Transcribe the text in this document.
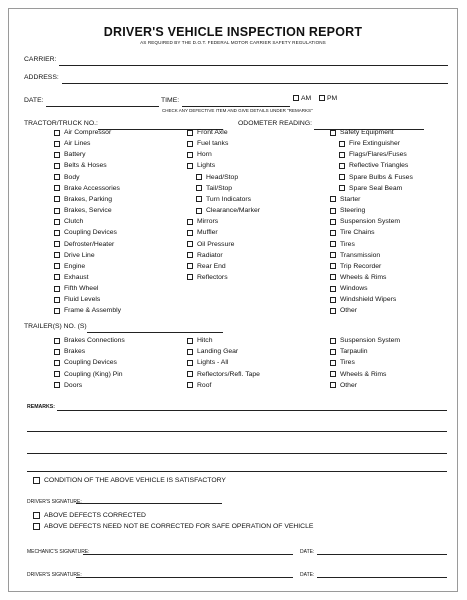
DRIVER'S VEHICLE INSPECTION REPORT
AS REQUIRED BY THE D.O.T. FEDERAL MOTOR CARRIER SAFETY REGULATIONS
CARRIER:
ADDRESS:
DATE:	TIME:	AM	PM
CHECK ANY DEFECTIVE ITEM AND GIVE DETAILS UNDER "REMARKS"
TRACTOR/TRUCK NO.:	ODOMETER READING:
Air Compressor
Air Lines
Battery
Belts & Hoses
Body
Brake Accessories
Brakes, Parking
Brakes, Service
Clutch
Coupling Devices
Defroster/Heater
Drive Line
Engine
Exhaust
Fifth Wheel
Fluid Levels
Frame & Assembly
Front Axle
Fuel tanks
Horn
Lights
Head/Stop
Tail/Stop
Turn Indicators
Clearance/Marker
Mirrors
Muffler
Oil Pressure
Radiator
Rear End
Reflectors
Safety Equipment
Fire Extinguisher
Flags/Flares/Fuses
Reflective Triangles
Spare Bulbs & Fuses
Spare Seal Beam
Starter
Steering
Suspension System
Tire Chains
Tires
Transmission
Trip Recorder
Wheels & Rims
Windows
Windshield Wipers
Other
TRAILER(S) NO. (S)
Brakes Connections
Brakes
Coupling Devices
Coupling (King) Pin
Doors
Hitch
Landing Gear
Lights - All
Reflectors/Refl. Tape
Roof
Suspension System
Tarpaulin
Tires
Wheels & Rims
Other
REMARKS:
CONDITION OF THE ABOVE VEHICLE IS SATISFACTORY
DRIVER'S SIGNATURE:
ABOVE DEFECTS CORRECTED
ABOVE DEFECTS NEED NOT BE CORRECTED FOR SAFE OPERATION OF VEHICLE
MECHANIC'S SIGNATURE:	DATE:
DRIVER'S SIGNATURE:	DATE:
